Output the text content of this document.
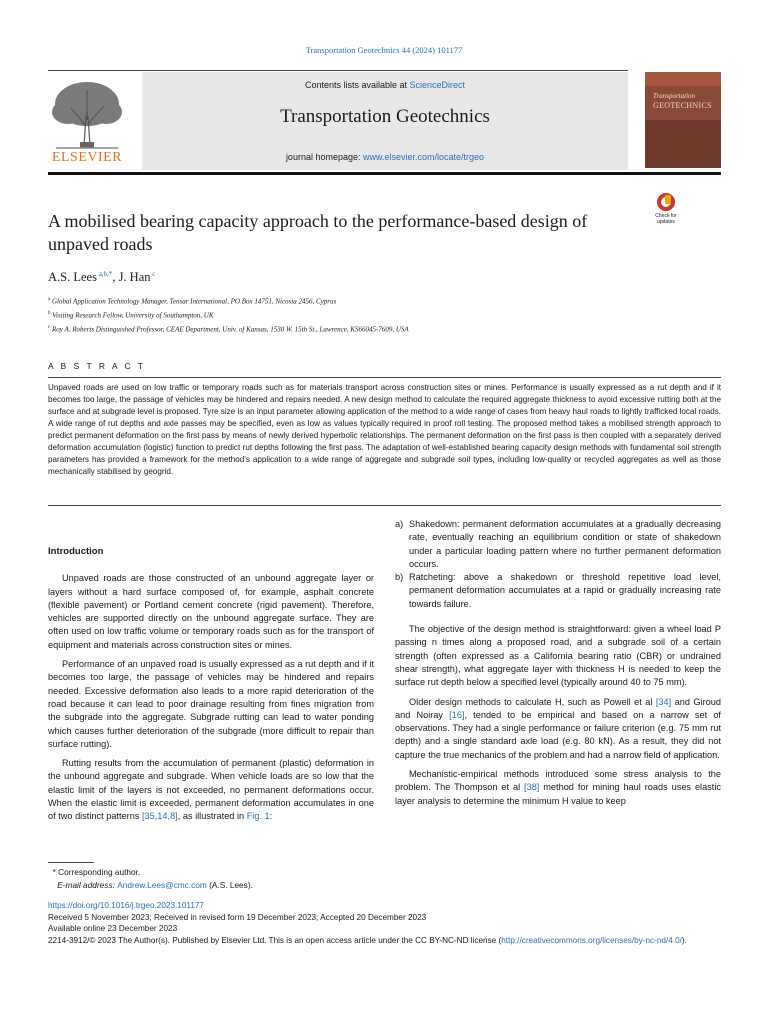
Transportation Geotechnics 44 (2024) 101177
ELSEVIER
Contents lists available at ScienceDirect
Transportation Geotechnics
journal homepage: www.elsevier.com/locate/trgeo
Transportation
GEOTECHNICS
A mobilised bearing capacity approach to the performance-based design of unpaved roads
Check for
updates
A.S. Lees $^{a,b,*}$, J. Han $^c$
$^a$ Global Application Technology Manager, Tensar International, PO Box 14751, Nicosia 2456, Cyprus
$^b$ Visiting Research Fellow, University of Southampton, UK
$^c$ Roy A. Roberts Distinguished Professor, CEAE Department, Univ. of Kansas, 1530 W. 15th St., Lawrence, KS66045-7609, USA
A B S T R A C T
Unpaved roads are used on low traffic or temporary roads such as for materials transport across construction sites or mines. Performance is usually expressed as a rut depth and if it becomes too large, the passage of vehicles may be hindered and repairs needed. A new design method to calculate the required aggregate thickness to avoid excessive rutting both at the surface and at subgrade level is proposed. Tyre size is an input parameter allowing application of the method to a wide range of cases from heavy haul roads to lightly trafficked local roads. A wide range of rut depths and axle passes may be specified, even as low as values typically required in proof roll testing. The proposed method takes a mobilised strength approach to predict permanent deformation on the first pass by means of newly derived hyperbolic relationships. The permanent deformation on the first pass is then coupled with a separately derived deformation accumulation (logistic) function to predict rut depths following the first pass. The adaptation of well-established bearing capacity design methods with fundamental soil strength parameters has provided a framework for the method's application to a wide range of aggregate and subgrade soil types, including low-quality or recycled aggregates as well as those mechanically stabilised by geogrid.
Introduction

Unpaved roads are those constructed of an unbound aggregate layer or layers without a hard surface composed of, for example, asphalt concrete (flexible pavement) or Portland cement concrete (rigid pavement). Therefore, vehicles are supported directly on the unbound aggregate surface. They are often used on low traffic volume or temporary roads such as for the transport of equipment and materials across construction sites or mines.

Performance of an unpaved road is usually expressed as a rut depth and if it becomes too large, the passage of vehicles may be hindered and repairs needed. Excessive deformation also leads to a more rapid deterioration of the road because it can lead to poor drainage resulting from fines migration from the subgrade into the aggregate. Subgrade rutting can lead to water ponding which causes further deterioration of the subgrade (more difficult to repair than surface rutting).

Rutting results from the accumulation of permanent (plastic) deformation in the unbound aggregate and subgrade. When vehicle loads are so low that the elastic limit of the layers is not exceeded, no permanent deformations occur. When the elastic limit is exceeded, permanent deformation accumulates in one of two distinct patterns [35,14,8], as illustrated in Fig. 1:

a) Shakedown: permanent deformation accumulates at a gradually decreasing rate, eventually reaching an equilibrium condition or state of shakedown under a particular loading pattern where no further permanent deformation occurs.
b) Ratcheting: above a shakedown or threshold repetitive load level, permanent deformation accumulates at a rapid or gradually increasing rate towards failure.

The objective of the design method is straightforward: given a wheel load P passing n times along a proposed road, and a subgrade soil of a certain strength (often expressed as a California bearing ratio (CBR) or undrained shear strength), what aggregate layer with thickness H is needed to keep the surface rut depth below a specified level (typically around 40 to 75 mm).

Older design methods to calculate H, such as Powell et al [34] and Giroud and Noiray [16], tended to be empirical and based on a narrow set of observations. They had a single performance or failure criterion (e.g. 75 mm rut depth) and a single standard axle load (e.g. 80 kN). As a result, they did not capture the true mechanics of the problem and had a narrow field of application.

Mechanistic-empirical methods introduced some stress analysis to the problem. The Thompson et al [38] method for mining haul roads uses elastic layer analysis to determine the minimum H value to keep

* Corresponding author.
E-mail address: Andrew.Lees@cmc.com (A.S. Lees).
https://doi.org/10.1016/j.trgeo.2023.101177
Received 5 November 2023; Received in revised form 19 December 2023; Accepted 20 December 2023
Available online 23 December 2023
2214-3912/© 2023 The Author(s). Published by Elsevier Ltd. This is an open access article under the CC BY-NC-ND license (http://creativecommons.org/licenses/by-nc-nd/4.0/).
